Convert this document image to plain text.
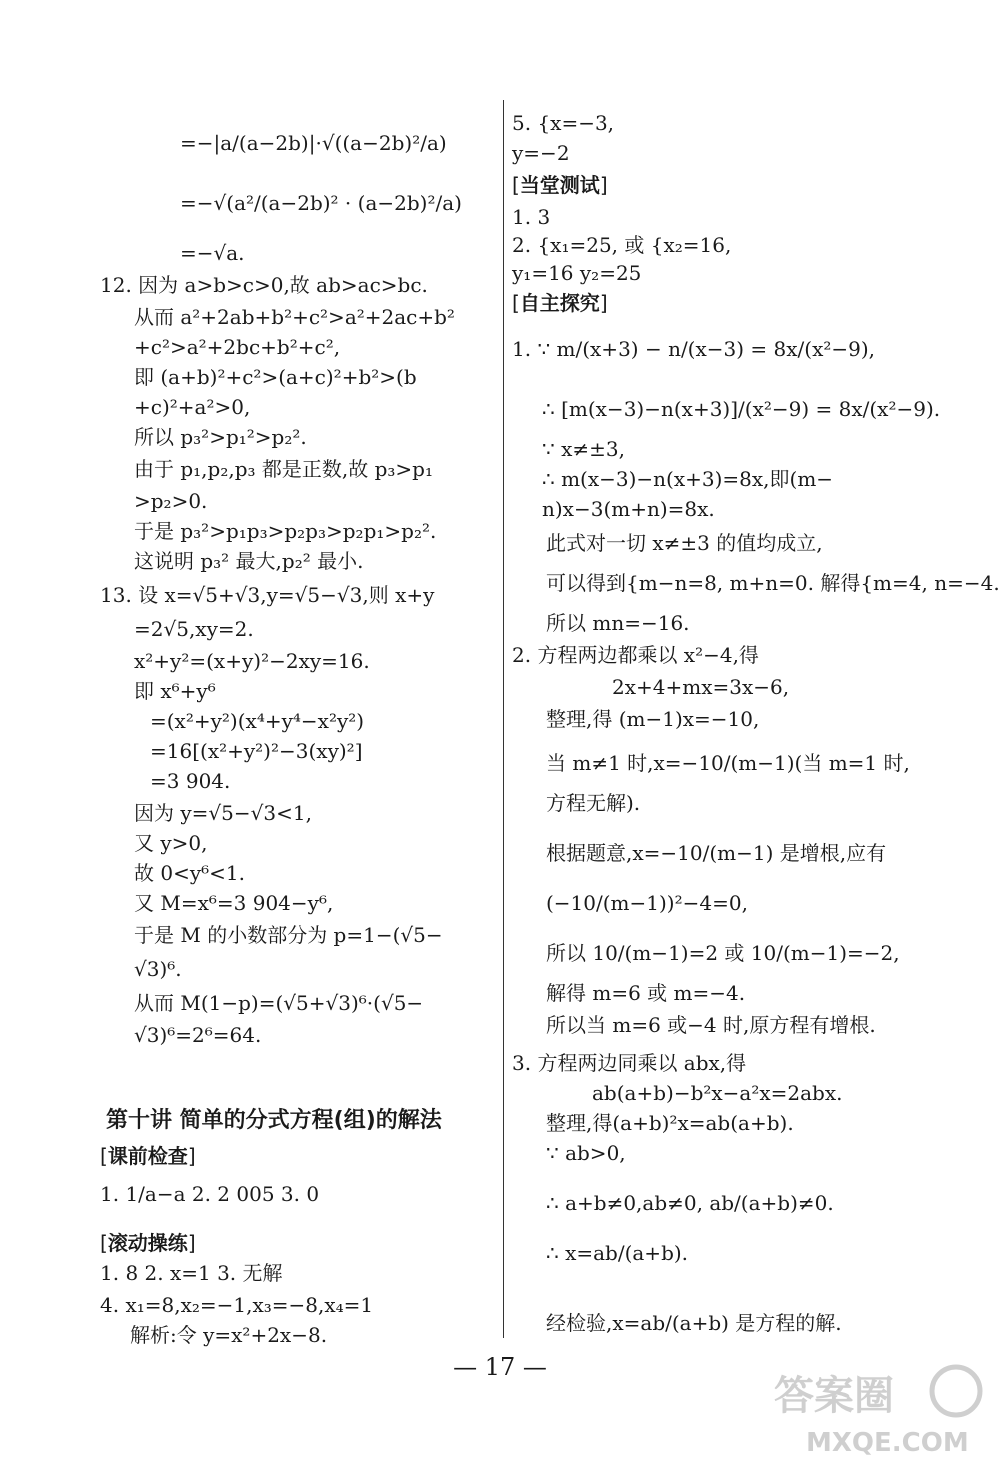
=−|a/(a−2b)|·√((a−2b)²/a)
=−√(a²/(a−2b)² · (a−2b)²/a)
=−√a.
12. 因为 a>b>c>0,故 ab>ac>bc.
从而 a²+2ab+b²+c²>a²+2ac+b²
+c²>a²+2bc+b²+c²,
即 (a+b)²+c²>(a+c)²+b²>(b
+c)²+a²>0,
所以 p₃²>p₁²>p₂².
由于 p₁,p₂,p₃ 都是正数,故 p₃>p₁
>p₂>0.
于是 p₃²>p₁p₃>p₂p₃>p₂p₁>p₂².
这说明 p₃² 最大,p₂² 最小.
13. 设 x=√5+√3,y=√5−√3,则 x+y
=2√5,xy=2.
x²+y²=(x+y)²−2xy=16.
即 x⁶+y⁶
=(x²+y²)(x⁴+y⁴−x²y²)
=16[(x²+y²)²−3(xy)²]
=3 904.
因为 y=√5−√3<1,
又 y>0,
故 0<y⁶<1.
又 M=x⁶=3 904−y⁶,
于是 M 的小数部分为 p=1−(√5−
√3)⁶.
从而 M(1−p)=(√5+√3)⁶·(√5−
√3)⁶=2⁶=64.
第十讲 简单的分式方程(组)的解法
[ 课前检查 ]
1. 1/a−a 2. 2 005 3. 0
[ 滚动操练 ]
1. 8 2. x=1 3. 无解
4. x₁=8,x₂=−1,x₃=−8,x₄=1
解析:令 y=x²+2x−8.
5. {x=−3,
y=−2
[ 当堂测试 ]
1. 3
2. {x₁=25, 或 {x₂=16,
y₁=16 y₂=25
[ 自主探究 ]
1. ∵ m/(x+3) − n/(x−3) = 8x/(x²−9),
∴ [m(x−3)−n(x+3)]/(x²−9) = 8x/(x²−9).
∵ x≠±3,
∴ m(x−3)−n(x+3)=8x,即(m−
n)x−3(m+n)=8x.
此式对一切 x≠±3 的值均成立,
可以得到{m−n=8, m+n=0. 解得{m=4, n=−4.
所以 mn=−16.
2. 方程两边都乘以 x²−4,得
2x+4+mx=3x−6,
整理,得 (m−1)x=−10,
当 m≠1 时,x=−10/(m−1)(当 m=1 时,
方程无解).
根据题意,x=−10/(m−1) 是增根,应有
(−10/(m−1))²−4=0,
所以 10/(m−1)=2 或 10/(m−1)=−2,
解得 m=6 或 m=−4.
所以当 m=6 或−4 时,原方程有增根.
3. 方程两边同乘以 abx,得
ab(a+b)−b²x−a²x=2abx.
整理,得(a+b)²x=ab(a+b).
∵ ab>0,
∴ a+b≠0,ab≠0, ab/(a+b)≠0.
∴ x=ab/(a+b).
经检验,x=ab/(a+b) 是方程的解.
— 17 —
答案圈
MXQE.COM
